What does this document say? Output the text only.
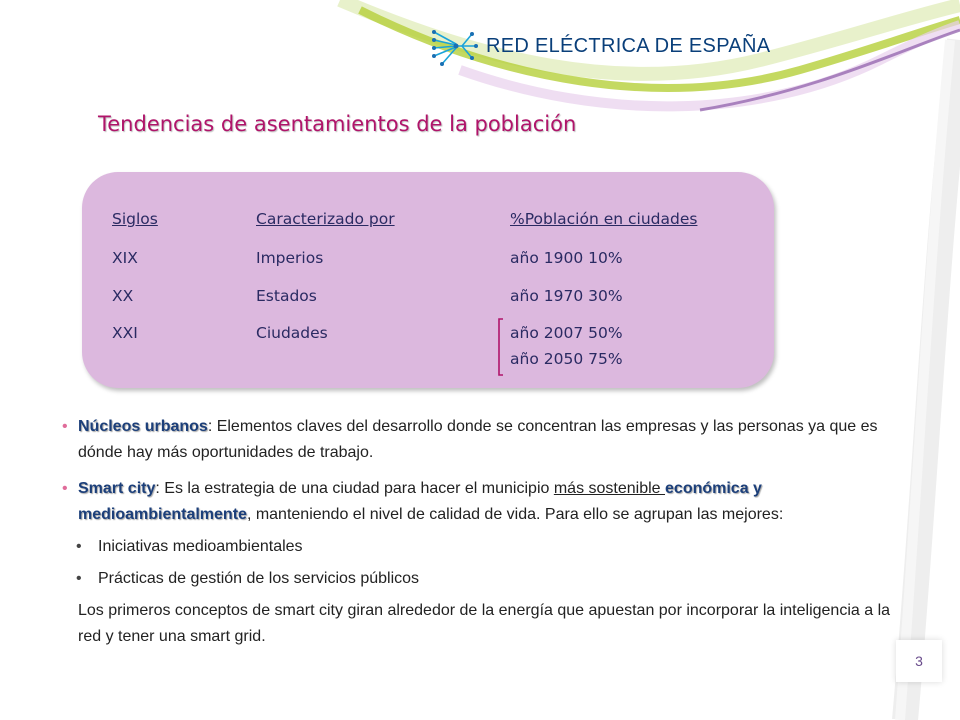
RED ELÉCTRICA DE ESPAÑA
Tendencias de asentamientos de la población
Siglos	Caracterizado por	%Población en ciudades
XIX	Imperios	año 1900 10%
XX	Estados	año 1970 30%
XXI	Ciudades	año 2007 50%
año 2050 75%
• Núcleos urbanos: Elementos claves del desarrollo donde se concentran las empresas y las personas ya que es dónde hay más oportunidades de trabajo.
• Smart city: Es la estrategia de una ciudad para hacer el municipio más sostenible económica y medioambientalmente, manteniendo el nivel de calidad de vida. Para ello se agrupan las mejores:
• Iniciativas medioambientales
• Prácticas de gestión de los servicios públicos
Los primeros conceptos de smart city giran alrededor de la energía que apuestan por incorporar la inteligencia a la red y tener una smart grid.
3
